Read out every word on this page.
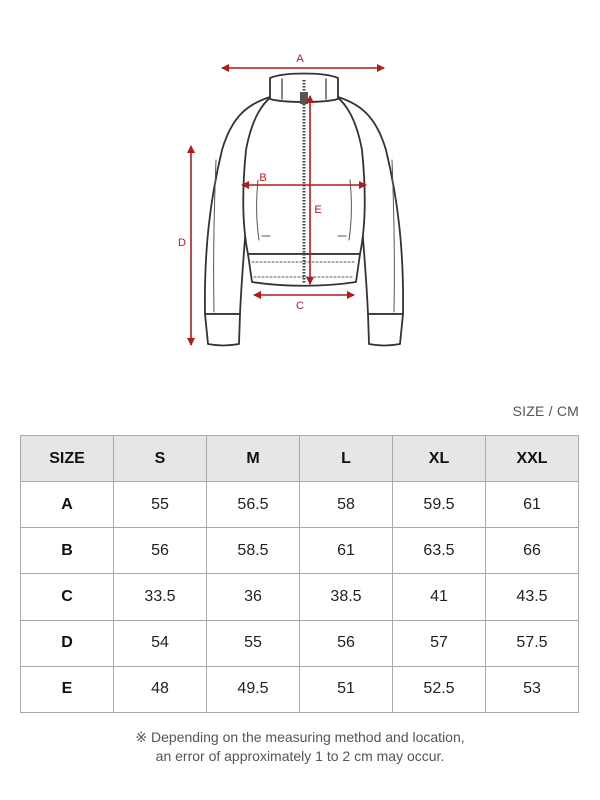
A
B
C
D
E
SIZE / CM
SIZE	S	M	L	XL	XXL
A	55	56.5	58	59.5	61
B	56	58.5	61	63.5	66
C	33.5	36	38.5	41	43.5
D	54	55	56	57	57.5
E	48	49.5	51	52.5	53
※ Depending on the measuring method and location,
an error of approximately 1 to 2 cm may occur.
